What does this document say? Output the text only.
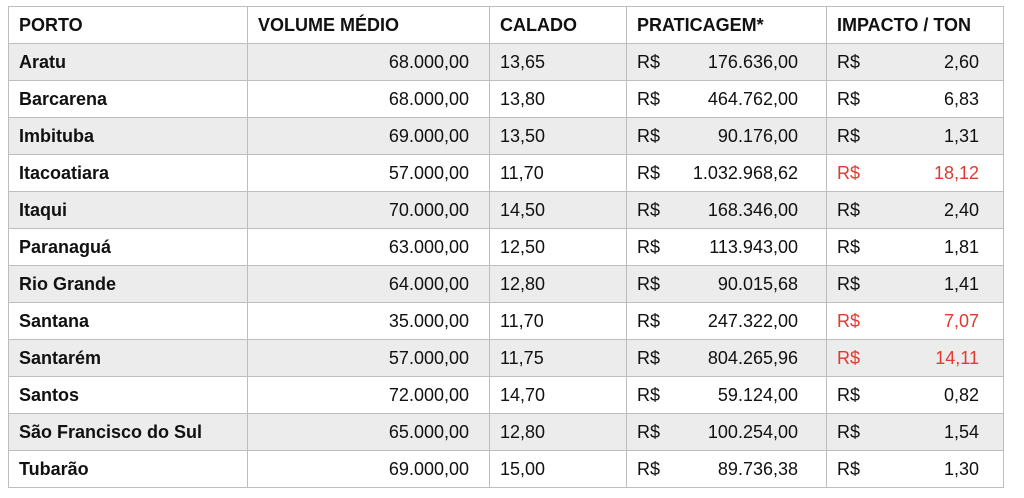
PORTO	VOLUME MÉDIO	CALADO	PRATICAGEM*	IMPACTO / TON
Aratu	68.000,00	13,65	R$ 176.636,00	R$ 2,60

Barcarena	68.000,00	13,80	R$ 464.762,00	R$ 6,83

Imbituba	69.000,00	13,50	R$ 90.176,00	R$ 1,31

Itacoatiara	57.000,00	11,70	R$ 1.032.968,62	R$ 18,12

Itaqui	70.000,00	14,50	R$ 168.346,00	R$ 2,40

Paranaguá	63.000,00	12,50	R$ 113.943,00	R$ 1,81

Rio Grande	64.000,00	12,80	R$ 90.015,68	R$ 1,41

Santana	35.000,00	11,70	R$ 247.322,00	R$ 7,07

Santarém	57.000,00	11,75	R$ 804.265,96	R$ 14,11

Santos	72.000,00	14,70	R$ 59.124,00	R$ 0,82

São Francisco do Sul	65.000,00	12,80	R$ 100.254,00	R$ 1,54

Tubarão	69.000,00	15,00	R$ 89.736,38	R$ 1,30
